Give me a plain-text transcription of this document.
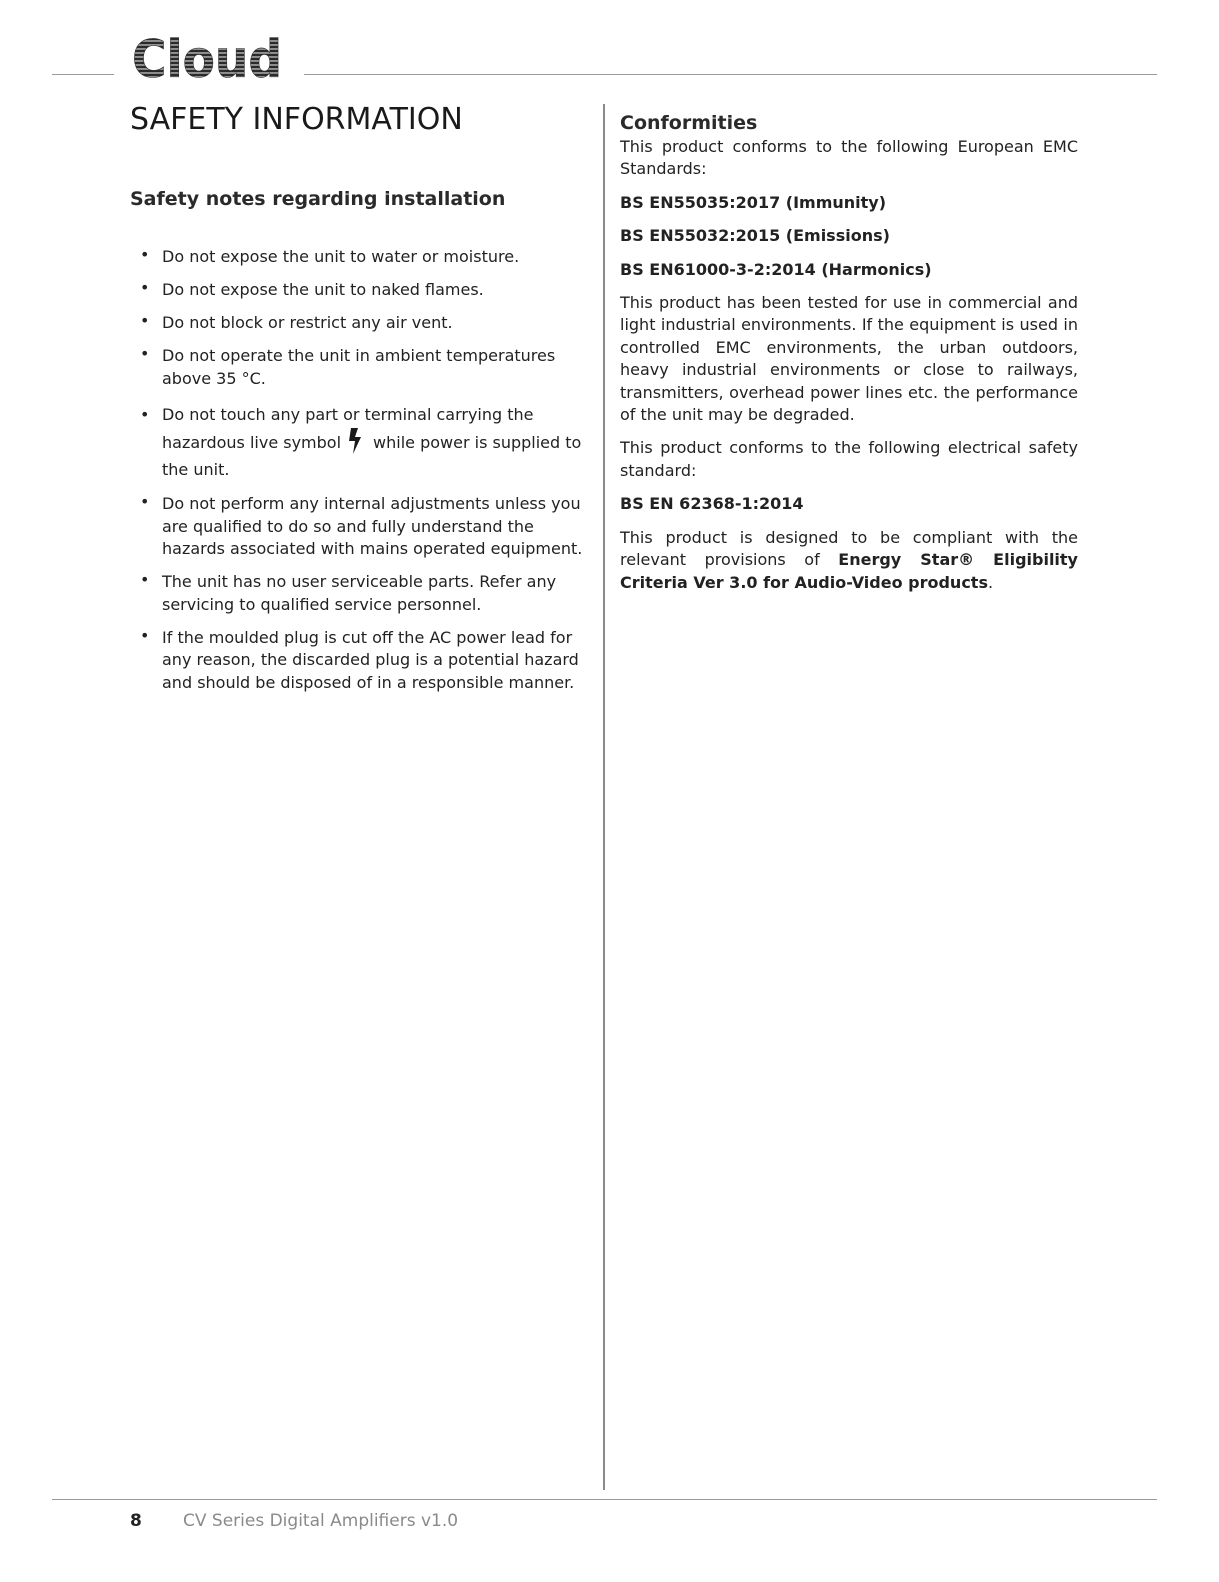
Cloud
SAFETY INFORMATION
Safety notes regarding installation
• Do not expose the unit to water or moisture.
• Do not expose the unit to naked flames.
• Do not block or restrict any air vent.
• Do not operate the unit in ambient temperatures above 35 °C.
• Do not touch any part or terminal carrying the hazardous live symbol while power is supplied to the unit.
• Do not perform any internal adjustments unless you are qualified to do so and fully understand the hazards associated with mains operated equipment.
• The unit has no user serviceable parts. Refer any servicing to qualified service personnel.
• If the moulded plug is cut off the AC power lead for any reason, the discarded plug is a potential hazard and should be disposed of in a responsible manner.
Conformities

This product conforms to the following European EMC Standards:

BS EN55035:2017 (Immunity)

BS EN55032:2015 (Emissions)

BS EN61000-3-2:2014 (Harmonics)

This product has been tested for use in commercial and light industrial environments. If the equipment is used in controlled EMC environments, the urban outdoors, heavy industrial environments or close to railways, transmitters, overhead power lines etc. the performance of the unit may be degraded.

This product conforms to the following electrical safety standard:

BS EN 62368-1:2014

This product is designed to be compliant with the relevant provisions of Energy Star® Eligibility Criteria Ver 3.0 for Audio-Video products.

8 CV Series Digital Amplifiers v1.0
